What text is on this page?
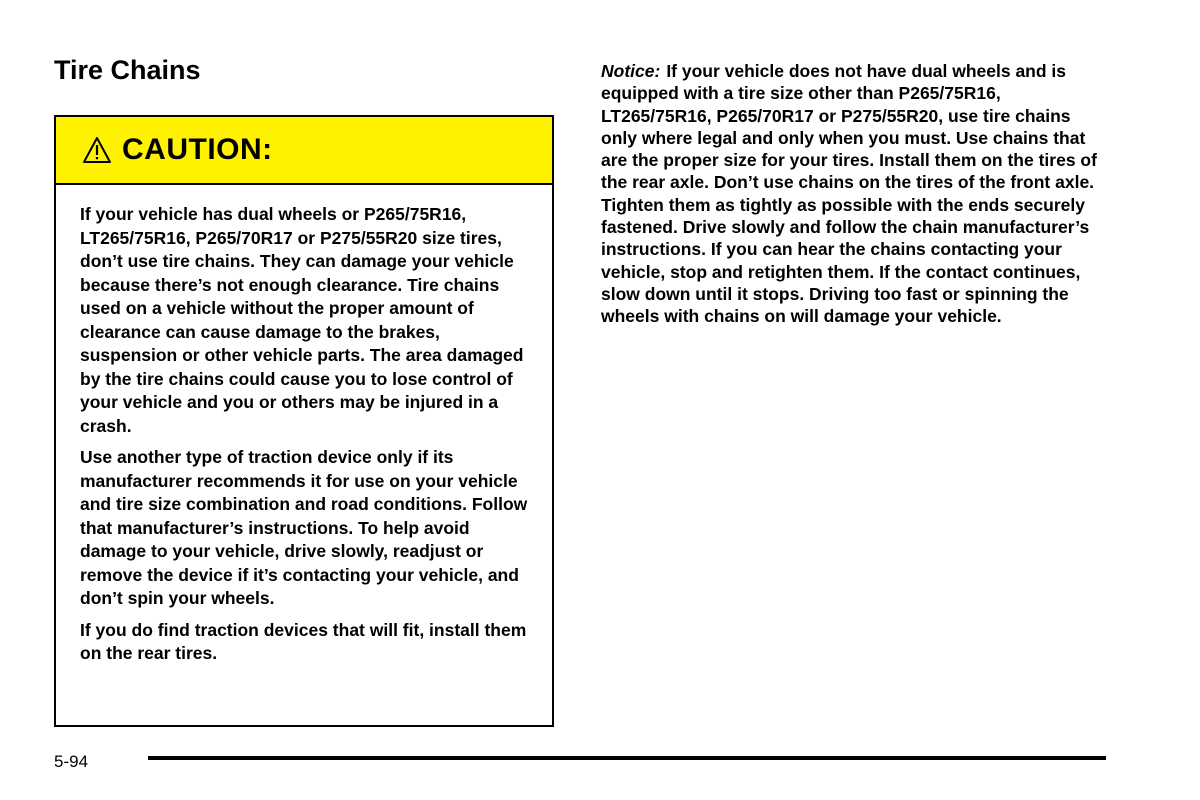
Tire Chains
CAUTION:

If your vehicle has dual wheels or P265/75R16, LT265/75R16, P265/70R17 or P275/55R20 size tires, don’t use tire chains. They can damage your vehicle because there’s not enough clearance. Tire chains used on a vehicle without the proper amount of clearance can cause damage to the brakes, suspension or other vehicle parts. The area damaged by the tire chains could cause you to lose control of your vehicle and you or others may be injured in a crash.

Use another type of traction device only if its manufacturer recommends it for use on your vehicle and tire size combination and road conditions. Follow that manufacturer’s instructions. To help avoid damage to your vehicle, drive slowly, readjust or remove the device if it’s contacting your vehicle, and don’t spin your wheels.

If you do find traction devices that will fit, install them on the rear tires.

Notice: If your vehicle does not have dual wheels and is equipped with a tire size other than P265/75R16, LT265/75R16, P265/70R17 or P275/55R20, use tire chains only where legal and only when you must. Use chains that are the proper size for your tires. Install them on the tires of the rear axle. Don’t use chains on the tires of the front axle. Tighten them as tightly as possible with the ends securely fastened. Drive slowly and follow the chain manufacturer’s instructions. If you can hear the chains contacting your vehicle, stop and retighten them. If the contact continues, slow down until it stops. Driving too fast or spinning the wheels with chains on will damage your vehicle.

5-94
